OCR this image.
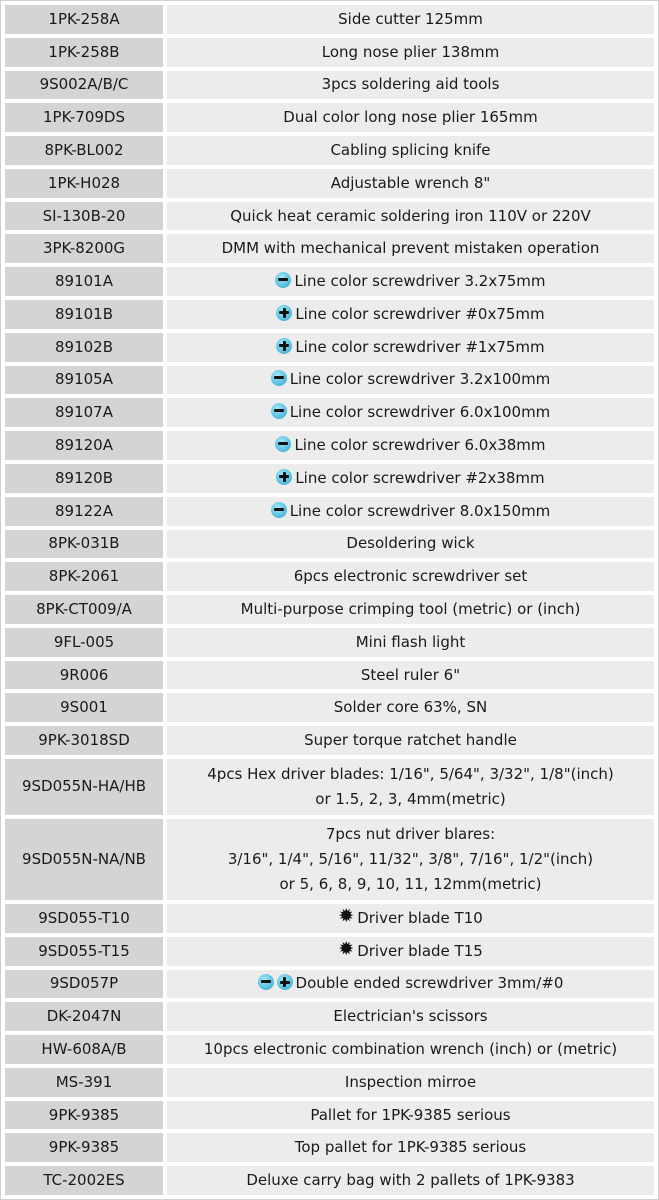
1PK-258A	Side cutter 125mm
1PK-258B	Long nose plier 138mm
9S002A/B/C	3pcs soldering aid tools
1PK-709DS	Dual color long nose plier 165mm
8PK-BL002	Cabling splicing knife
1PK-H028	Adjustable wrench 8"
SI-130B-20	Quick heat ceramic soldering iron 110V or 220V
3PK-8200G	DMM with mechanical prevent mistaken operation
89101A	Line color screwdriver 3.2x75mm
89101B	Line color screwdriver #0x75mm
89102B	Line color screwdriver #1x75mm
89105A	Line color screwdriver 3.2x100mm
89107A	Line color screwdriver 6.0x100mm
89120A	Line color screwdriver 6.0x38mm
89120B	Line color screwdriver #2x38mm
89122A	Line color screwdriver 8.0x150mm
8PK-031B	Desoldering wick
8PK-2061	6pcs electronic screwdriver set
8PK-CT009/A	Multi-purpose crimping tool (metric) or (inch)
9FL-005	Mini flash light
9R006	Steel ruler 6"
9S001	Solder core 63%, SN
9PK-3018SD	Super torque ratchet handle
9SD055N-HA/HB	4pcs Hex driver blades: 1/16", 5/64", 3/32", 1/8"(inch)
or 1.5, 2, 3, 4mm(metric)

9SD055N-NA/NB	7pcs nut driver blares:
3/16", 1/4", 5/16", 11/32", 3/8", 7/16", 1/2"(inch)
or 5, 6, 8, 9, 10, 11, 12mm(metric)

9SD055-T10	✹Driver blade T10
9SD055-T15	✹Driver blade T15
9SD057P	Double ended screwdriver 3mm/#0
DK-2047N	Electrician's scissors
HW-608A/B	10pcs electronic combination wrench (inch) or (metric)
MS-391	Inspection mirroe
9PK-9385	Pallet for 1PK-9385 serious
9PK-9385	Top pallet for 1PK-9385 serious
TC-2002ES	Deluxe carry bag with 2 pallets of 1PK-9383
